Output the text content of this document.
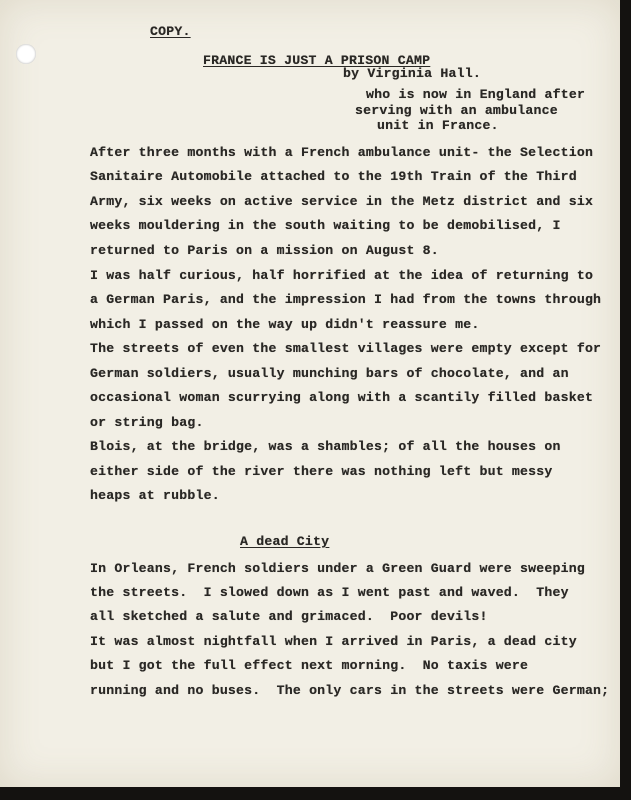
COPY.
FRANCE IS JUST A PRISON CAMP
by Virginia Hall.
who is now in England after
serving with an ambulance
unit in France.
After three months with a French ambulance unit- the Selection
Sanitaire Automobile attached to the 19th Train of the Third
Army, six weeks on active service in the Metz district and six
weeks mouldering in the south waiting to be demobilised, I
returned to Paris on a mission on August 8.
I was half curious, half horrified at the idea of returning to
a German Paris, and the impression I had from the towns through
which I passed on the way up didn't reassure me.
The streets of even the smallest villages were empty except for
German soldiers, usually munching bars of chocolate, and an
occasional woman scurrying along with a scantily filled basket
or string bag.
Blois, at the bridge, was a shambles; of all the houses on
either side of the river there was nothing left but messy
heaps at rubble.
A dead City
In Orleans, French soldiers under a Green Guard were sweeping
the streets.  I slowed down as I went past and waved.  They
all sketched a salute and grimaced.  Poor devils!
It was almost nightfall when I arrived in Paris, a dead city
but I got the full effect next morning.  No taxis were
running and no buses.  The only cars in the streets were German;
